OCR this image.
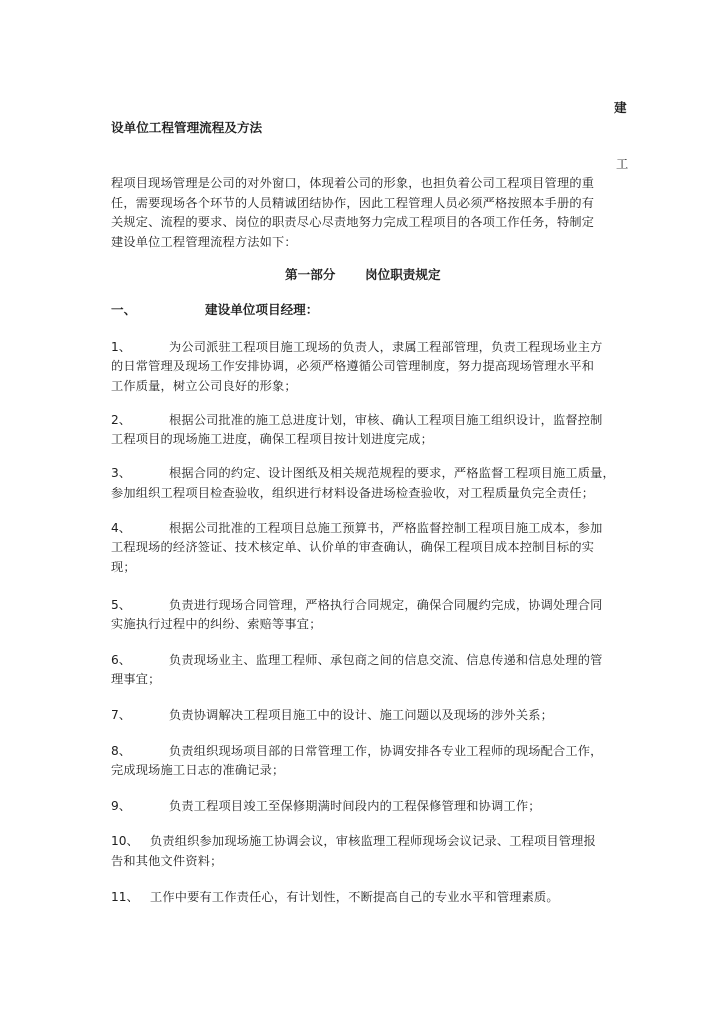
建
设单位工程管理流程及方法
工
程项目现场管理是公司的对外窗口，体现着公司的形象，也担负着公司工程项目管理的重
任，需要现场各个环节的人员精诚团结协作，因此工程管理人员必须严格按照本手册的有
关规定、流程的要求、岗位的职责尽心尽责地努力完成工程项目的各项工作任务，特制定
建设单位工程管理流程方法如下：
第一部分 岗位职责规定
一、	建设单位项目经理：
1、	为公司派驻工程项目施工现场的负责人，隶属工程部管理，负责工程现场业主方
的日常管理及现场工作安排协调，必须严格遵循公司管理制度，努力提高现场管理水平和
工作质量，树立公司良好的形象；
2、	根据公司批准的施工总进度计划，审核、确认工程项目施工组织设计，监督控制
工程项目的现场施工进度，确保工程项目按计划进度完成；
3、	根据合同的约定、设计图纸及相关规范规程的要求，严格监督工程项目施工质量，
参加组织工程项目检查验收，组织进行材料设备进场检查验收，对工程质量负完全责任；
4、	根据公司批准的工程项目总施工预算书，严格监督控制工程项目施工成本，参加
工程现场的经济签证、技术核定单、认价单的审查确认，确保工程项目成本控制目标的实
现；
5、	负责进行现场合同管理，严格执行合同规定，确保合同履约完成，协调处理合同
实施执行过程中的纠纷、索赔等事宜；
6、	负责现场业主、监理工程师、承包商之间的信息交流、信息传递和信息处理的管
理事宜；
7、	负责协调解决工程项目施工中的设计、施工问题以及现场的涉外关系；
8、	负责组织现场项目部的日常管理工作，协调安排各专业工程师的现场配合工作，
完成现场施工日志的准确记录；
9、	负责工程项目竣工至保修期满时间段内的工程保修管理和协调工作；
10、 负责组织参加现场施工协调会议，审核监理工程师现场会议记录、工程项目管理报
告和其他文件资料；
11、 工作中要有工作责任心，有计划性，不断提高自己的专业水平和管理素质。
